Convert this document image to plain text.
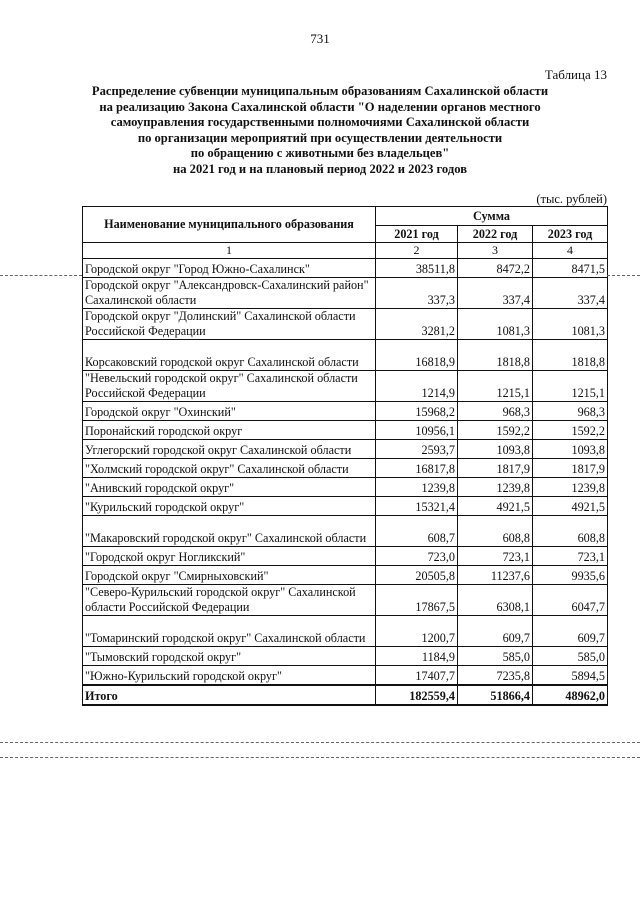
731
Таблица 13
Распределение субвенции муниципальным образованиям Сахалинской области
на реализацию Закона Сахалинской области "О наделении органов местного
самоуправления государственными полномочиями Сахалинской области
по организации мероприятий при осуществлении деятельности
по обращению с животными без владельцев"
на 2021 год и на плановый период 2022 и 2023 годов
(тыс. рублей)
Наименование муниципального образования	Сумма		
	2021 год	2022 год	2023 год
1	2	3	4
Городской округ "Город Южно-Сахалинск"	38511,8	8472,2	8471,5
Городской округ "Александровск-Сахалинский район" Сахалинской области	337,3	337,4	337,4
Городской округ "Долинский" Сахалинской области Российской Федерации	3281,2	1081,3	1081,3
Корсаковский городской округ Сахалинской области	16818,9	1818,8	1818,8
"Невельский городской округ" Сахалинской области Российской Федерации	1214,9	1215,1	1215,1
Городской округ "Охинский"	15968,2	968,3	968,3
Поронайский городской округ	10956,1	1592,2	1592,2
Углегорский городской округ Сахалинской области	2593,7	1093,8	1093,8
"Холмский городской округ" Сахалинской области	16817,8	1817,9	1817,9
"Анивский городской округ"	1239,8	1239,8	1239,8
"Курильский городской округ"	15321,4	4921,5	4921,5
"Макаровский городской округ" Сахалинской области	608,7	608,8	608,8
"Городской округ Ногликский"	723,0	723,1	723,1
Городской округ "Смирныховский"	20505,8	11237,6	9935,6
"Северо-Курильский городской округ" Сахалинской области Российской Федерации	17867,5	6308,1	6047,7
"Томаринский городской округ" Сахалинской области	1200,7	609,7	609,7
"Тымовский городской округ"	1184,9	585,0	585,0
"Южно-Курильский городской округ"	17407,7	7235,8	5894,5
Итого	182559,4	51866,4	48962,0
